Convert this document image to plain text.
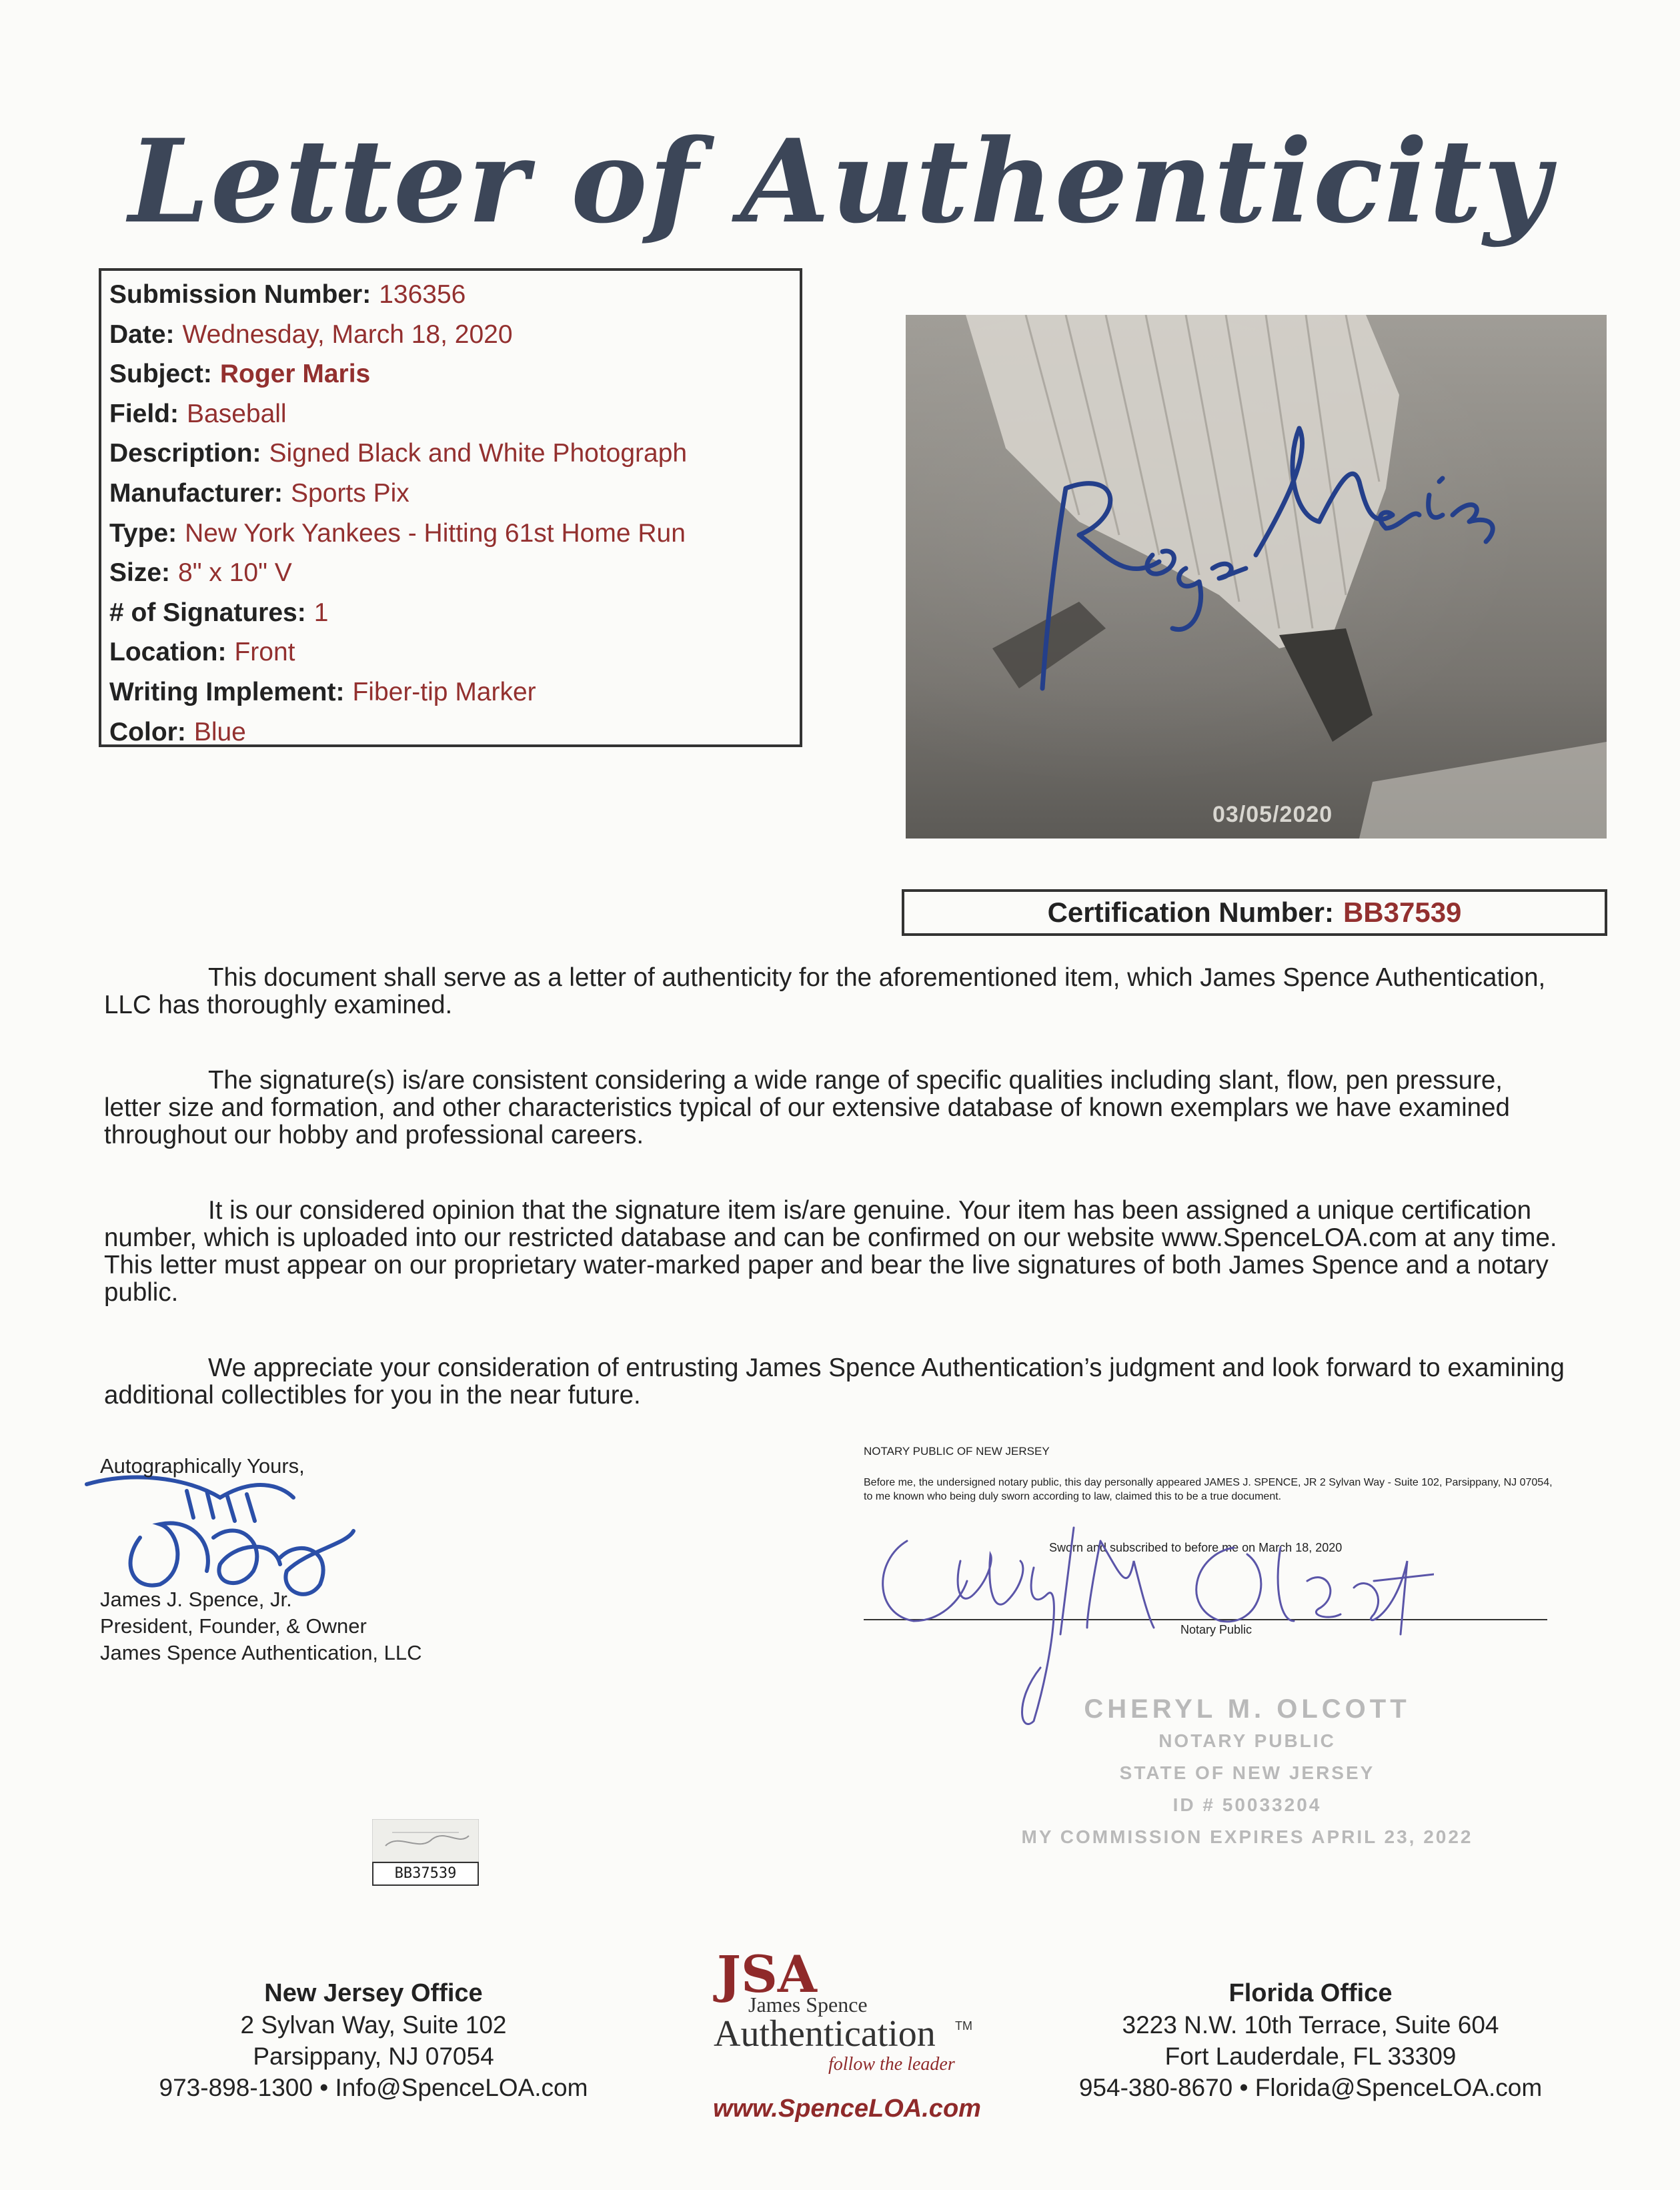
Letter of Authenticity
Submission Number: 136356
Date: Wednesday, March 18, 2020
Subject: Roger Maris
Field: Baseball
Description: Signed Black and White Photograph
Manufacturer: Sports Pix
Type: New York Yankees - Hitting 61st Home Run
Size: 8" x 10" V
# of Signatures: 1
Location: Front
Writing Implement: Fiber-tip Marker
Color: Blue
03/05/2020
Certification Number: BB37539

This document shall serve as a letter of authenticity for the aforementioned item, which James Spence Authentication, LLC has thoroughly examined.

The signature(s) is/are consistent considering a wide range of specific qualities including slant, flow, pen pressure, letter size and formation, and other characteristics typical of our extensive database of known exemplars we have examined throughout our hobby and professional careers.

It is our considered opinion that the signature item is/are genuine. Your item has been assigned a unique certification number, which is uploaded into our restricted database and can be confirmed on our website www.SpenceLOA.com at any time. This letter must appear on our proprietary water-marked paper and bear the live signatures of both James Spence and a notary public.

We appreciate your consideration of entrusting James Spence Authentication’s judgment and look forward to examining additional collectibles for you in the near future.

Autographically Yours,
James J. Spence, Jr.
President, Founder, & Owner
James Spence Authentication, LLC
NOTARY PUBLIC OF NEW JERSEY
Before me, the undersigned notary public, this day personally appeared JAMES J. SPENCE, JR 2 Sylvan Way - Suite 102, Parsippany, NJ 07054, to me known who being duly sworn according to law, claimed this to be a true document.
Sworn and subscribed to before me on March 18, 2020
Notary Public
CHERYL M. OLCOTT
NOTARY PUBLIC
STATE OF NEW JERSEY
ID # 50033204
MY COMMISSION EXPIRES APRIL 23, 2022
BB37539
New Jersey Office
2 Sylvan Way, Suite 102
Parsippany, NJ 07054
973-898-1300 • Info@SpenceLOA.com
JSA
James Spence
Authentication TM
follow the leader
www.SpenceLOA.com
Florida Office
3223 N.W. 10th Terrace, Suite 604
Fort Lauderdale, FL 33309
954-380-8670 • Florida@SpenceLOA.com
